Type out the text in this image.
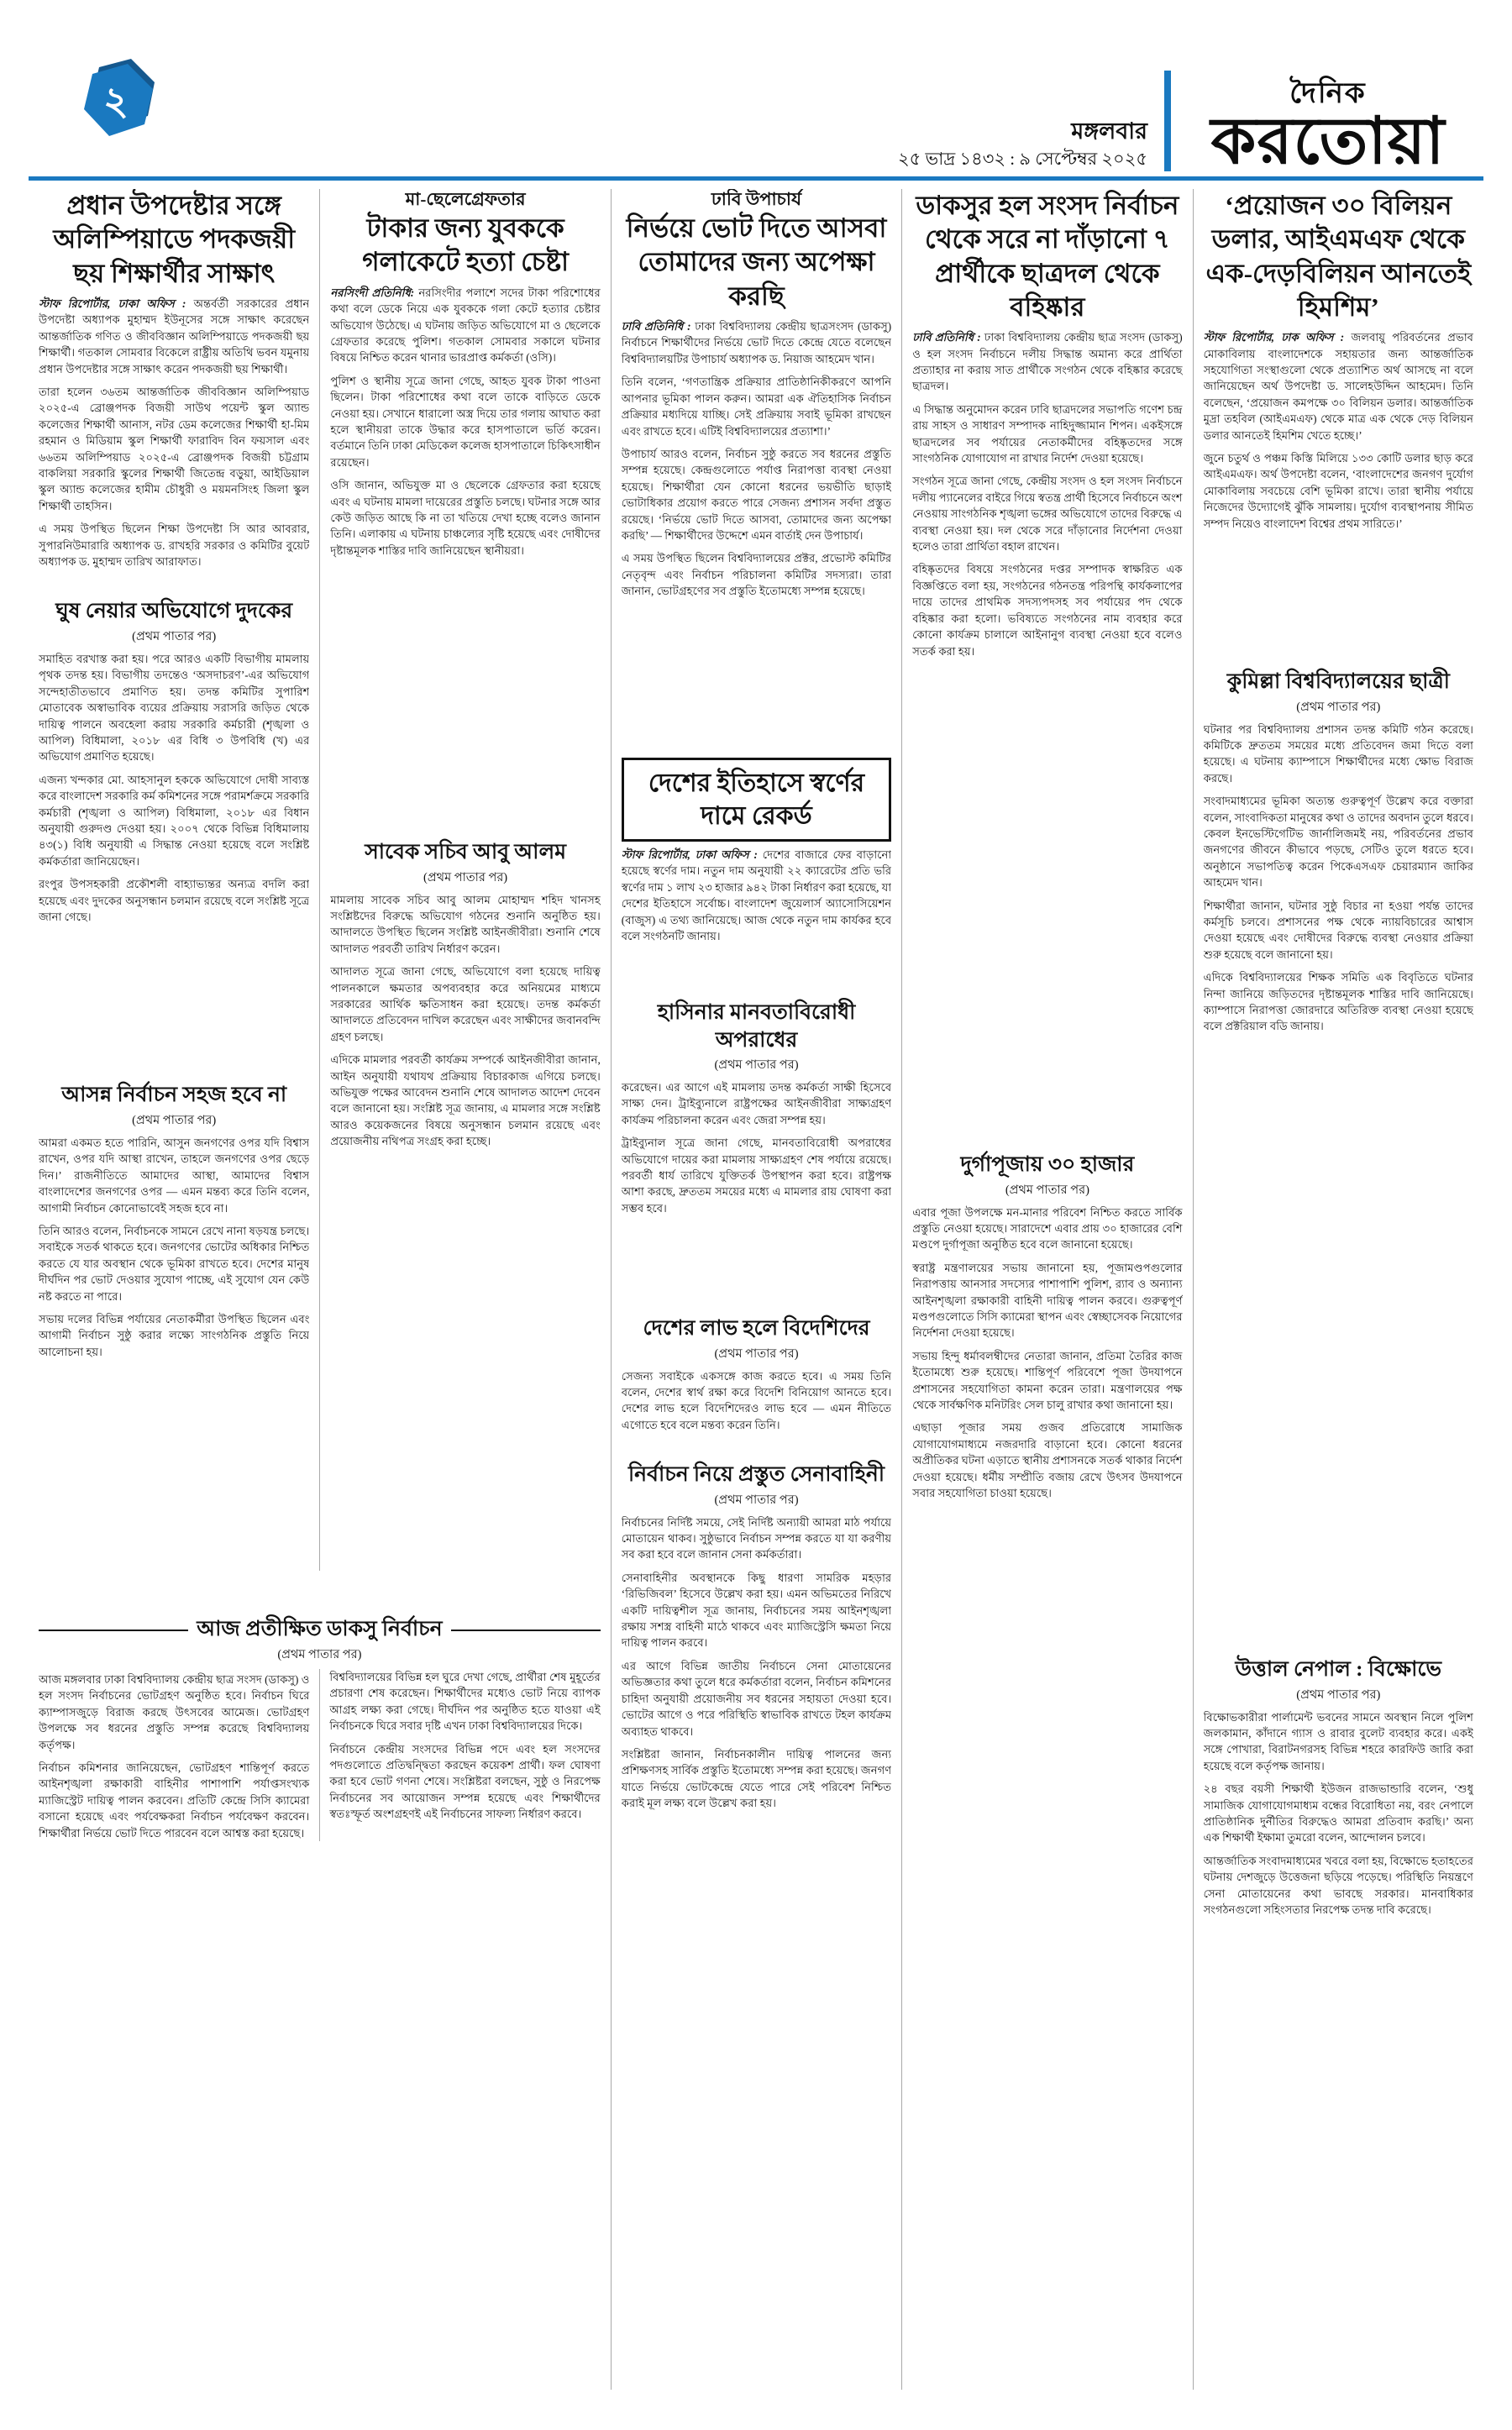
২
মঙ্গলবার
২৫ ভাদ্র ১৪৩২ : ৯ সেপ্টেম্বর ২০২৫
দৈনিক
করতোয়া
প্রধান উপদেষ্টার সঙ্গে অলিম্পিয়াডে পদকজয়ী ছয় শিক্ষার্থীর সাক্ষাৎ

স্টাফ রিপোর্টার, ঢাকা অফিস : অন্তর্বর্তী সরকারের প্রধান উপদেষ্টা অধ্যাপক মুহাম্মদ ইউনূসের সঙ্গে সাক্ষাৎ করেছেন আন্তর্জাতিক গণিত ও জীববিজ্ঞান অলিম্পিয়াডে পদকজয়ী ছয় শিক্ষার্থী। গতকাল সোমবার বিকেলে রাষ্ট্রীয় অতিথি ভবন যমুনায় প্রধান উপদেষ্টার সঙ্গে সাক্ষাৎ করেন পদকজয়ী ছয় শিক্ষার্থী।

তারা হলেন ৩৬তম আন্তর্জাতিক জীববিজ্ঞান অলিম্পিয়াড ২০২৫-এ ব্রোঞ্জপদক বিজয়ী সাউথ পয়েন্ট স্কুল অ্যান্ড কলেজের শিক্ষার্থী আনাস, নটর ডেম কলেজের শিক্ষার্থী হা-মিম রহমান ও মিডিয়াম স্কুল শিক্ষার্থী ফারাবিদ বিন ফয়সাল এবং ৬৬তম অলিম্পিয়াড ২০২৫-এ ব্রোঞ্জপদক বিজয়ী চট্টগ্রাম বাকলিয়া সরকারি স্কুলের শিক্ষার্থী জিতেন্দ্র বড়ুয়া, আইডিয়াল স্কুল অ্যান্ড কলেজের হামীম চৌধুরী ও ময়মনসিংহ জিলা স্কুল শিক্ষার্থী তাহসিন।

এ সময় উপস্থিত ছিলেন শিক্ষা উপদেষ্টা সি আর আবরার, সুপারনিউমারারি অধ্যাপক ড. রাখহরি সরকার ও কমিটির বুয়েট অধ্যাপক ড. মুহাম্মদ তারিখ আরাফাত।

ঘুষ নেয়ার অভিযোগে দুদকের
(প্রথম পাতার পর)

সমাহিত বরখাস্ত করা হয়। পরে আরও একটি বিভাগীয় মামলায় পৃথক তদন্ত হয়। বিভাগীয় তদন্তেও ‘অসদাচরণ’-এর অভিযোগ সন্দেহাতীতভাবে প্রমাণিত হয়। তদন্ত কমিটির সুপারিশ মোতাবেক অস্বাভাবিক ব্যয়ের প্রক্রিয়ায় সরাসরি জড়িত থেকে দায়িত্ব পালনে অবহেলা করায় সরকারি কর্মচারী (শৃঙ্খলা ও আপিল) বিধিমালা, ২০১৮ এর বিধি ৩ উপবিধি (খ) এর অভিযোগ প্রমাণিত হয়েছে।

এজন্য খন্দকার মো. আহসানুল হককে অভিযোগে দোষী সাব্যস্ত করে বাংলাদেশ সরকারি কর্ম কমিশনের সঙ্গে পরামর্শক্রমে সরকারি কর্মচারী (শৃঙ্খলা ও আপিল) বিধিমালা, ২০১৮ এর বিধান অনুযায়ী গুরুদণ্ড দেওয়া হয়। ২০০৭ থেকে বিভিন্ন বিধিমালায় ৪৩(১) বিধি অনুযায়ী এ সিদ্ধান্ত নেওয়া হয়েছে বলে সংশ্লিষ্ট কর্মকর্তারা জানিয়েছেন।

রংপুর উপসহকারী প্রকৌশলী বাহ্যাভ্যন্তর অন্যত্র বদলি করা হয়েছে এবং দুদকের অনুসন্ধান চলমান রয়েছে বলে সংশ্লিষ্ট সূত্রে জানা গেছে।

আসন্ন নির্বাচন সহজ হবে না
(প্রথম পাতার পর)

আমরা একমত হতে পারিনি, আসুন জনগণের ওপর যদি বিশ্বাস রাখেন, ওপর যদি আস্থা রাখেন, তাহলে জনগণের ওপর ছেড়ে দিন।’ রাজনীতিতে আমাদের আস্থা, আমাদের বিশ্বাস বাংলাদেশের জনগণের ওপর — এমন মন্তব্য করে তিনি বলেন, আগামী নির্বাচন কোনোভাবেই সহজ হবে না।

তিনি আরও বলেন, নির্বাচনকে সামনে রেখে নানা ষড়যন্ত্র চলছে। সবাইকে সতর্ক থাকতে হবে। জনগণের ভোটের অধিকার নিশ্চিত করতে যে যার অবস্থান থেকে ভূমিকা রাখতে হবে। দেশের মানুষ দীর্ঘদিন পর ভোট দেওয়ার সুযোগ পাচ্ছে, এই সুযোগ যেন কেউ নষ্ট করতে না পারে।

সভায় দলের বিভিন্ন পর্যায়ের নেতাকর্মীরা উপস্থিত ছিলেন এবং আগামী নির্বাচন সুষ্ঠু করার লক্ষ্যে সাংগঠনিক প্রস্তুতি নিয়ে আলোচনা হয়।

মা-ছেলেগ্রেফতার
টাকার জন্য যুবককে গলাকেটে হত্যা চেষ্টা

নরসিংদী প্রতিনিধি: নরসিংদীর পলাশে সদের টাকা পরিশোধের কথা বলে ডেকে নিয়ে এক যুবককে গলা কেটে হত্যার চেষ্টার অভিযোগ উঠেছে। এ ঘটনায় জড়িত অভিযোগে মা ও ছেলেকে গ্রেফতার করেছে পুলিশ। গতকাল সোমবার সকালে ঘটনার বিষয়ে নিশ্চিত করেন থানার ভারপ্রাপ্ত কর্মকর্তা (ওসি)।

পুলিশ ও স্থানীয় সূত্রে জানা গেছে, আহত যুবক টাকা পাওনা ছিলেন। টাকা পরিশোধের কথা বলে তাকে বাড়িতে ডেকে নেওয়া হয়। সেখানে ধারালো অস্ত্র দিয়ে তার গলায় আঘাত করা হলে স্থানীয়রা তাকে উদ্ধার করে হাসপাতালে ভর্তি করেন। বর্তমানে তিনি ঢাকা মেডিকেল কলেজ হাসপাতালে চিকিৎসাধীন রয়েছেন।

ওসি জানান, অভিযুক্ত মা ও ছেলেকে গ্রেফতার করা হয়েছে এবং এ ঘটনায় মামলা দায়েরের প্রস্তুতি চলছে। ঘটনার সঙ্গে আর কেউ জড়িত আছে কি না তা খতিয়ে দেখা হচ্ছে বলেও জানান তিনি। এলাকায় এ ঘটনায় চাঞ্চল্যের সৃষ্টি হয়েছে এবং দোষীদের দৃষ্টান্তমূলক শাস্তির দাবি জানিয়েছেন স্থানীয়রা।

সাবেক সচিব আবু আলম
(প্রথম পাতার পর)

মামলায় সাবেক সচিব আবু আলম মোহাম্মদ শহিদ খানসহ সংশ্লিষ্টদের বিরুদ্ধে অভিযোগ গঠনের শুনানি অনুষ্ঠিত হয়। আদালতে উপস্থিত ছিলেন সংশ্লিষ্ট আইনজীবীরা। শুনানি শেষে আদালত পরবর্তী তারিখ নির্ধারণ করেন।

আদালত সূত্রে জানা গেছে, অভিযোগে বলা হয়েছে দায়িত্ব পালনকালে ক্ষমতার অপব্যবহার করে অনিয়মের মাধ্যমে সরকারের আর্থিক ক্ষতিসাধন করা হয়েছে। তদন্ত কর্মকর্তা আদালতে প্রতিবেদন দাখিল করেছেন এবং সাক্ষীদের জবানবন্দি গ্রহণ চলছে।

এদিকে মামলার পরবর্তী কার্যক্রম সম্পর্কে আইনজীবীরা জানান, আইন অনুযায়ী যথাযথ প্রক্রিয়ায় বিচারকাজ এগিয়ে চলছে। অভিযুক্ত পক্ষের আবেদন শুনানি শেষে আদালত আদেশ দেবেন বলে জানানো হয়। সংশ্লিষ্ট সূত্র জানায়, এ মামলার সঙ্গে সংশ্লিষ্ট আরও কয়েকজনের বিষয়ে অনুসন্ধান চলমান রয়েছে এবং প্রয়োজনীয় নথিপত্র সংগ্রহ করা হচ্ছে।

আজ প্রতীক্ষিত ডাকসু নির্বাচন
(প্রথম পাতার পর)

আজ মঙ্গলবার ঢাকা বিশ্ববিদ্যালয় কেন্দ্রীয় ছাত্র সংসদ (ডাকসু) ও হল সংসদ নির্বাচনের ভোটগ্রহণ অনুষ্ঠিত হবে। নির্বাচন ঘিরে ক্যাম্পাসজুড়ে বিরাজ করছে উৎসবের আমেজ। ভোটগ্রহণ উপলক্ষে সব ধরনের প্রস্তুতি সম্পন্ন করেছে বিশ্ববিদ্যালয় কর্তৃপক্ষ।

নির্বাচন কমিশনার জানিয়েছেন, ভোটগ্রহণ শান্তিপূর্ণ করতে আইনশৃঙ্খলা রক্ষাকারী বাহিনীর পাশাপাশি পর্যাপ্তসংখ্যক ম্যাজিস্ট্রেট দায়িত্ব পালন করবেন। প্রতিটি কেন্দ্রে সিসি ক্যামেরা বসানো হয়েছে এবং পর্যবেক্ষকরা নির্বাচন পর্যবেক্ষণ করবেন। শিক্ষার্থীরা নির্ভয়ে ভোট দিতে পারবেন বলে আশ্বস্ত করা হয়েছে।

বিশ্ববিদ্যালয়ের বিভিন্ন হল ঘুরে দেখা গেছে, প্রার্থীরা শেষ মুহূর্তের প্রচারণা শেষ করেছেন। শিক্ষার্থীদের মধ্যেও ভোট নিয়ে ব্যাপক আগ্রহ লক্ষ্য করা গেছে। দীর্ঘদিন পর অনুষ্ঠিত হতে যাওয়া এই নির্বাচনকে ঘিরে সবার দৃষ্টি এখন ঢাকা বিশ্ববিদ্যালয়ের দিকে।

নির্বাচনে কেন্দ্রীয় সংসদের বিভিন্ন পদে এবং হল সংসদের পদগুলোতে প্রতিদ্বন্দ্বিতা করছেন কয়েকশ প্রার্থী। ফল ঘোষণা করা হবে ভোট গণনা শেষে। সংশ্লিষ্টরা বলছেন, সুষ্ঠু ও নিরপেক্ষ নির্বাচনের সব আয়োজন সম্পন্ন হয়েছে এবং শিক্ষার্থীদের স্বতঃস্ফূর্ত অংশগ্রহণই এই নির্বাচনের সাফল্য নির্ধারণ করবে।

ঢাবি উপাচার্য
নির্ভয়ে ভোট দিতে আসবা তোমাদের জন্য অপেক্ষা করছি

ঢাবি প্রতিনিধি : ঢাকা বিশ্ববিদ্যালয় কেন্দ্রীয় ছাত্রসংসদ (ডাকসু) নির্বাচনে শিক্ষার্থীদের নির্ভয়ে ভোট দিতে কেন্দ্রে যেতে বলেছেন বিশ্ববিদ্যালয়টির উপাচার্য অধ্যাপক ড. নিয়াজ আহমেদ খান।

তিনি বলেন, ‘গণতান্ত্রিক প্রক্রিয়ার প্রাতিষ্ঠানিকীকরণে আপনি আপনার ভূমিকা পালন করুন। আমরা এক ঐতিহাসিক নির্বাচন প্রক্রিয়ার মধ্যদিয়ে যাচ্ছি। সেই প্রক্রিয়ায় সবাই ভূমিকা রাখছেন এবং রাখতে হবে। এটিই বিশ্ববিদ্যালয়ের প্রত্যাশা।’

উপাচার্য আরও বলেন, নির্বাচন সুষ্ঠু করতে সব ধরনের প্রস্তুতি সম্পন্ন হয়েছে। কেন্দ্রগুলোতে পর্যাপ্ত নিরাপত্তা ব্যবস্থা নেওয়া হয়েছে। শিক্ষার্থীরা যেন কোনো ধরনের ভয়ভীতি ছাড়াই ভোটাধিকার প্রয়োগ করতে পারে সেজন্য প্রশাসন সর্বদা প্রস্তুত রয়েছে। ‘নির্ভয়ে ভোট দিতে আসবা, তোমাদের জন্য অপেক্ষা করছি’ — শিক্ষার্থীদের উদ্দেশে এমন বার্তাই দেন উপাচার্য।

এ সময় উপস্থিত ছিলেন বিশ্ববিদ্যালয়ের প্রক্টর, প্রভোস্ট কমিটির নেতৃবৃন্দ এবং নির্বাচন পরিচালনা কমিটির সদস্যরা। তারা জানান, ভোটগ্রহণের সব প্রস্তুতি ইতোমধ্যে সম্পন্ন হয়েছে।

দেশের ইতিহাসে স্বর্ণের দামে রেকর্ড

স্টাফ রিপোর্টার, ঢাকা অফিস : দেশের বাজারে ফের বাড়ানো হয়েছে স্বর্ণের দাম। নতুন দাম অনুযায়ী ২২ ক্যারেটের প্রতি ভরি স্বর্ণের দাম ১ লাখ ২৩ হাজার ৯৪২ টাকা নির্ধারণ করা হয়েছে, যা দেশের ইতিহাসে সর্বোচ্চ। বাংলাদেশ জুয়েলার্স অ্যাসোসিয়েশন (বাজুস) এ তথ্য জানিয়েছে। আজ থেকে নতুন দাম কার্যকর হবে বলে সংগঠনটি জানায়।

হাসিনার মানবতাবিরোধী অপরাধের
(প্রথম পাতার পর)

করেছেন। এর আগে এই মামলায় তদন্ত কর্মকর্তা সাক্ষী হিসেবে সাক্ষ্য দেন। ট্রাইব্যুনালে রাষ্ট্রপক্ষের আইনজীবীরা সাক্ষ্যগ্রহণ কার্যক্রম পরিচালনা করেন এবং জেরা সম্পন্ন হয়।

ট্রাইব্যুনাল সূত্রে জানা গেছে, মানবতাবিরোধী অপরাধের অভিযোগে দায়ের করা মামলায় সাক্ষ্যগ্রহণ শেষ পর্যায়ে রয়েছে। পরবর্তী ধার্য তারিখে যুক্তিতর্ক উপস্থাপন করা হবে। রাষ্ট্রপক্ষ আশা করছে, দ্রুততম সময়ের মধ্যে এ মামলার রায় ঘোষণা করা সম্ভব হবে।

দেশের লাভ হলে বিদেশিদের
(প্রথম পাতার পর)

সেজন্য সবাইকে একসঙ্গে কাজ করতে হবে। এ সময় তিনি বলেন, দেশের স্বার্থ রক্ষা করে বিদেশি বিনিয়োগ আনতে হবে। দেশের লাভ হলে বিদেশিদেরও লাভ হবে — এমন নীতিতে এগোতে হবে বলে মন্তব্য করেন তিনি।

নির্বাচন নিয়ে প্রস্তুত সেনাবাহিনী
(প্রথম পাতার পর)

নির্বাচনের নির্দিষ্ট সময়ে, সেই নির্দিষ্ট অন্যায়ী আমরা মাঠ পর্যায়ে মোতায়েন থাকব। সুষ্ঠুভাবে নির্বাচন সম্পন্ন করতে যা যা করণীয় সব করা হবে বলে জানান সেনা কর্মকর্তারা।

সেনাবাহিনীর অবস্থানকে কিছু ধারণা সামরিক মহড়ার ‘রিভিজিবল’ হিসেবে উল্লেখ করা হয়। এমন অভিমতের নিরিখে একটি দায়িত্বশীল সূত্র জানায়, নির্বাচনের সময় আইনশৃঙ্খলা রক্ষায় সশস্ত্র বাহিনী মাঠে থাকবে এবং ম্যাজিস্ট্রেসি ক্ষমতা নিয়ে দায়িত্ব পালন করবে।

এর আগে বিভিন্ন জাতীয় নির্বাচনে সেনা মোতায়েনের অভিজ্ঞতার কথা তুলে ধরে কর্মকর্তারা বলেন, নির্বাচন কমিশনের চাহিদা অনুযায়ী প্রয়োজনীয় সব ধরনের সহায়তা দেওয়া হবে। ভোটের আগে ও পরে পরিস্থিতি স্বাভাবিক রাখতে টহল কার্যক্রম অব্যাহত থাকবে।

সংশ্লিষ্টরা জানান, নির্বাচনকালীন দায়িত্ব পালনের জন্য প্রশিক্ষণসহ সার্বিক প্রস্তুতি ইতোমধ্যে সম্পন্ন করা হয়েছে। জনগণ যাতে নির্ভয়ে ভোটকেন্দ্রে যেতে পারে সেই পরিবেশ নিশ্চিত করাই মূল লক্ষ্য বলে উল্লেখ করা হয়।

ডাকসুর হল সংসদ নির্বাচন থেকে সরে না দাঁড়ানো ৭ প্রার্থীকে ছাত্রদল থেকে বহিষ্কার

ঢাবি প্রতিনিধি : ঢাকা বিশ্ববিদ্যালয় কেন্দ্রীয় ছাত্র সংসদ (ডাকসু) ও হল সংসদ নির্বাচনে দলীয় সিদ্ধান্ত অমান্য করে প্রার্থিতা প্রত্যাহার না করায় সাত প্রার্থীকে সংগঠন থেকে বহিষ্কার করেছে ছাত্রদল।

এ সিদ্ধান্ত অনুমোদন করেন ঢাবি ছাত্রদলের সভাপতি গণেশ চন্দ্র রায় সাহস ও সাধারণ সম্পাদক নাহিদুজ্জামান শিপন। একইসঙ্গে ছাত্রদলের সব পর্যায়ের নেতাকর্মীদের বহিষ্কৃতদের সঙ্গে সাংগঠনিক যোগাযোগ না রাখার নির্দেশ দেওয়া হয়েছে।

সংগঠন সূত্রে জানা গেছে, কেন্দ্রীয় সংসদ ও হল সংসদ নির্বাচনে দলীয় প্যানেলের বাইরে গিয়ে স্বতন্ত্র প্রার্থী হিসেবে নির্বাচনে অংশ নেওয়ায় সাংগঠনিক শৃঙ্খলা ভঙ্গের অভিযোগে তাদের বিরুদ্ধে এ ব্যবস্থা নেওয়া হয়। দল থেকে সরে দাঁড়ানোর নির্দেশনা দেওয়া হলেও তারা প্রার্থিতা বহাল রাখেন।

বহিষ্কৃতদের বিষয়ে সংগঠনের দপ্তর সম্পাদক স্বাক্ষরিত এক বিজ্ঞপ্তিতে বলা হয়, সংগঠনের গঠনতন্ত্র পরিপন্থি কার্যকলাপের দায়ে তাদের প্রাথমিক সদস্যপদসহ সব পর্যায়ের পদ থেকে বহিষ্কার করা হলো। ভবিষ্যতে সংগঠনের নাম ব্যবহার করে কোনো কার্যক্রম চালালে আইনানুগ ব্যবস্থা নেওয়া হবে বলেও সতর্ক করা হয়।

দুর্গাপূজায় ৩০ হাজার
(প্রথম পাতার পর)

এবার পূজা উপলক্ষে মন-মানার পরিবেশ নিশ্চিত করতে সার্বিক প্রস্তুতি নেওয়া হয়েছে। সারাদেশে এবার প্রায় ৩০ হাজারের বেশি মণ্ডপে দুর্গাপূজা অনুষ্ঠিত হবে বলে জানানো হয়েছে।

স্বরাষ্ট্র মন্ত্রণালয়ের সভায় জানানো হয়, পূজামণ্ডপগুলোর নিরাপত্তায় আনসার সদস্যের পাশাপাশি পুলিশ, র‌্যাব ও অন্যান্য আইনশৃঙ্খলা রক্ষাকারী বাহিনী দায়িত্ব পালন করবে। গুরুত্বপূর্ণ মণ্ডপগুলোতে সিসি ক্যামেরা স্থাপন এবং স্বেচ্ছাসেবক নিয়োগের নির্দেশনা দেওয়া হয়েছে।

সভায় হিন্দু ধর্মাবলম্বীদের নেতারা জানান, প্রতিমা তৈরির কাজ ইতোমধ্যে শুরু হয়েছে। শান্তিপূর্ণ পরিবেশে পূজা উদযাপনে প্রশাসনের সহযোগিতা কামনা করেন তারা। মন্ত্রণালয়ের পক্ষ থেকে সার্বক্ষণিক মনিটরিং সেল চালু রাখার কথা জানানো হয়।

এছাড়া পূজার সময় গুজব প্রতিরোধে সামাজিক যোগাযোগমাধ্যমে নজরদারি বাড়ানো হবে। কোনো ধরনের অপ্রীতিকর ঘটনা এড়াতে স্থানীয় প্রশাসনকে সতর্ক থাকার নির্দেশ দেওয়া হয়েছে। ধর্মীয় সম্প্রীতি বজায় রেখে উৎসব উদযাপনে সবার সহযোগিতা চাওয়া হয়েছে।

‘প্রয়োজন ৩০ বিলিয়ন ডলার, আইএমএফ থেকে এক-দেড়বিলিয়ন আনতেই হিমশিম’

স্টাফ রিপোর্টার, ঢাক অফিস : জলবায়ু পরিবর্তনের প্রভাব মোকাবিলায় বাংলাদেশকে সহায়তার জন্য আন্তর্জাতিক সহযোগিতা সংস্থাগুলো থেকে প্রত্যাশিত অর্থ আসছে না বলে জানিয়েছেন অর্থ উপদেষ্টা ড. সালেহউদ্দিন আহমেদ। তিনি বলেছেন, ‘প্রয়োজন কমপক্ষে ৩০ বিলিয়ন ডলার। আন্তর্জাতিক মুদ্রা তহবিল (আইএমএফ) থেকে মাত্র এক থেকে দেড় বিলিয়ন ডলার আনতেই হিমশিম খেতে হচ্ছে।’

জুনে চতুর্থ ও পঞ্চম কিস্তি মিলিয়ে ১৩৩ কোটি ডলার ছাড় করে আইএমএফ। অর্থ উপদেষ্টা বলেন, ‘বাংলাদেশের জনগণ দুর্যোগ মোকাবিলায় সবচেয়ে বেশি ভূমিকা রাখে। তারা স্থানীয় পর্যায়ে নিজেদের উদ্যোগেই ঝুঁকি সামলায়। দুর্যোগ ব্যবস্থাপনায় সীমিত সম্পদ নিয়েও বাংলাদেশ বিশ্বের প্রথম সারিতে।’

কুমিল্লা বিশ্ববিদ্যালয়ের ছাত্রী
(প্রথম পাতার পর)

ঘটনার পর বিশ্ববিদ্যালয় প্রশাসন তদন্ত কমিটি গঠন করেছে। কমিটিকে দ্রুততম সময়ের মধ্যে প্রতিবেদন জমা দিতে বলা হয়েছে। এ ঘটনায় ক্যাম্পাসে শিক্ষার্থীদের মধ্যে ক্ষোভ বিরাজ করছে।

সংবাদমাধ্যমের ভূমিকা অত্যন্ত গুরুত্বপূর্ণ উল্লেখ করে বক্তারা বলেন, সাংবাদিকতা মানুষের কথা ও তাদের অবদান তুলে ধরবে। কেবল ইনভেস্টিগেটিভ জার্নালিজমই নয়, পরিবর্তনের প্রভাব জনগণের জীবনে কীভাবে পড়ছে, সেটিও তুলে ধরতে হবে। অনুষ্ঠানে সভাপতিত্ব করেন পিকেএসএফ চেয়ারম্যান জাকির আহমেদ খান।

শিক্ষার্থীরা জানান, ঘটনার সুষ্ঠু বিচার না হওয়া পর্যন্ত তাদের কর্মসূচি চলবে। প্রশাসনের পক্ষ থেকে ন্যায়বিচারের আশ্বাস দেওয়া হয়েছে এবং দোষীদের বিরুদ্ধে ব্যবস্থা নেওয়ার প্রক্রিয়া শুরু হয়েছে বলে জানানো হয়।

এদিকে বিশ্ববিদ্যালয়ের শিক্ষক সমিতি এক বিবৃতিতে ঘটনার নিন্দা জানিয়ে জড়িতদের দৃষ্টান্তমূলক শাস্তির দাবি জানিয়েছে। ক্যাম্পাসে নিরাপত্তা জোরদারে অতিরিক্ত ব্যবস্থা নেওয়া হয়েছে বলে প্রক্টরিয়াল বডি জানায়।

উত্তাল নেপাল : বিক্ষোভে
(প্রথম পাতার পর)

বিক্ষোভকারীরা পার্লামেন্ট ভবনের সামনে অবস্থান নিলে পুলিশ জলকামান, কাঁদানে গ্যাস ও রাবার বুলেট ব্যবহার করে। একই সঙ্গে পোখারা, বিরাটনগরসহ বিভিন্ন শহরে কারফিউ জারি করা হয়েছে বলে কর্তৃপক্ষ জানায়।

২৪ বছর বয়সী শিক্ষার্থী ইউজন রাজভান্ডারি বলেন, ‘শুধু সামাজিক যোগাযোগমাধ্যম বন্ধের বিরোধিতা নয়, বরং নেপালে প্রাতিষ্ঠানিক দুর্নীতির বিরুদ্ধেও আমরা প্রতিবাদ করছি।’ অন্য এক শিক্ষার্থী ইক্ষামা তুমরো বলেন, আন্দোলন চলবে।

আন্তর্জাতিক সংবাদমাধ্যমের খবরে বলা হয়, বিক্ষোভে হতাহতের ঘটনায় দেশজুড়ে উত্তেজনা ছড়িয়ে পড়েছে। পরিস্থিতি নিয়ন্ত্রণে সেনা মোতায়েনের কথা ভাবছে সরকার। মানবাধিকার সংগঠনগুলো সহিংসতার নিরপেক্ষ তদন্ত দাবি করেছে।
